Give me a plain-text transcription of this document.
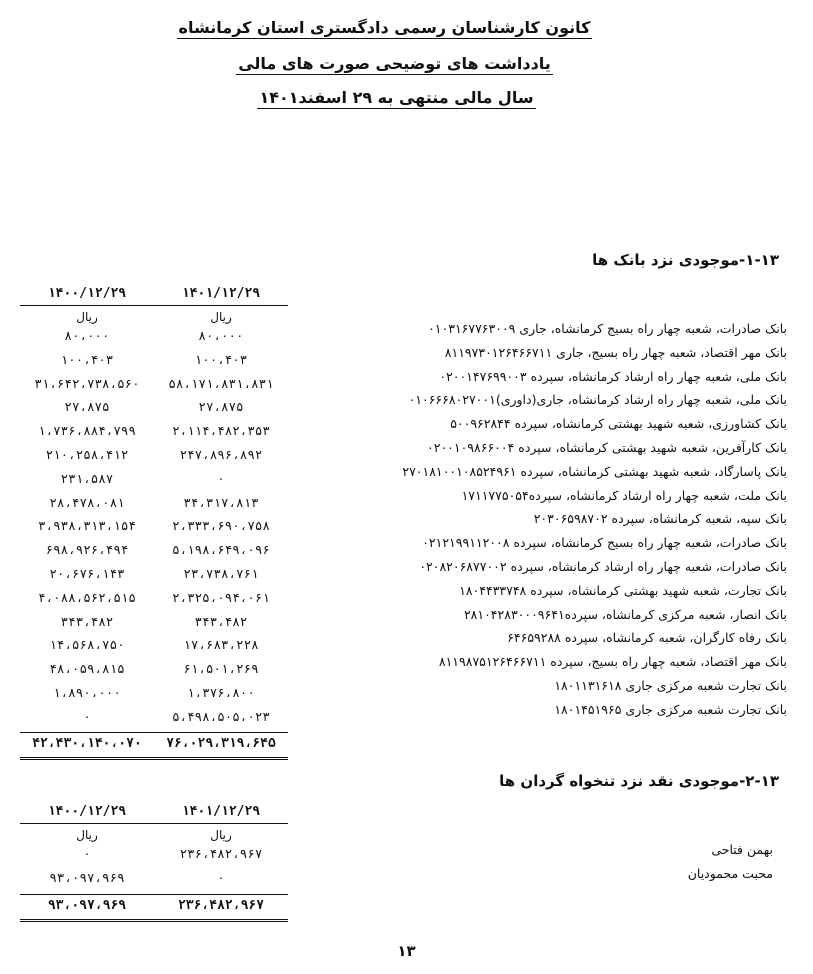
کانون کارشناسان رسمی دادگستری استان کرمانشاه
یادداشت های توضیحی صورت های مالی
سال مالی منتهی به ۲۹ اسفند۱۴۰۱
۱-۱۳-موجودی نزد بانک ها
بانک صادرات، شعبه چهار راه بسیج کرمانشاه، جاری ۰۱۰۳۱۶۷۷۶۳۰۰۹
بانک مهر اقتصاد، شعبه چهار راه بسیج، جاری ۸۱۱۹۷۳۰۱۲۶۴۶۶۷۱۱
بانک ملی، شعبه چهار راه ارشاد کرمانشاه، سپرده ۰۲۰۰۱۴۷۶۹۹۰۰۳
بانک ملی، شعبه چهار راه ارشاد کرمانشاه، جاری(داوری)۰۱۰۶۶۶۸۰۲۷۰۰۱
بانک کشاورزی، شعبه شهید بهشتی کرمانشاه، سپرده ۵۰۰۹۶۲۸۴۴
بانک کارآفرین، شعبه شهید بهشتی کرمانشاه، سپرده ۰۲۰۰۱۰۹۸۶۶۰۰۴
بانک پاسارگاد، شعبه شهید بهشتی کرمانشاه، سپرده ۲۷۰۱۸۱۰۰۱۰۸۵۲۴۹۶۱
بانک ملت، شعبه چهار راه ارشاد کرمانشاه، سپرده۱۷۱۱۷۷۵۰۵۴
بانک سپه، شعبه کرمانشاه، سپرده ۲۰۳۰۶۵۹۸۷۰۲
بانک صادرات، شعبه چهار راه بسیج کرمانشاه، سپرده ۰۲۱۲۱۹۹۱۱۲۰۰۸
بانک صادرات، شعبه چهار راه ارشاد کرمانشاه، سپرده ۰۲۰۸۲۰۶۸۷۷۰۰۲
بانک تجارت، شعبه شهید بهشتی کرمانشاه، سپرده ۱۸۰۴۴۳۳۷۴۸
بانک انصار، شعبه مرکزی کرمانشاه، سپرده۲۸۱۰۴۲۸۳۰۰۰۹۶۴۱
بانک رفاه کارگران، شعبه کرمانشاه، سپرده ۶۴۶۵۹۲۸۸
بانک مهر اقتصاد، شعبه چهار راه بسیج، سپرده ۸۱۱۹۸۷۵۱۲۶۴۶۶۷۱۱
بانک تجارت شعبه مرکزی جاری ۱۸۰۱۱۳۱۶۱۸
بانک تجارت شعبه مرکزی جاری ۱۸۰۱۴۵۱۹۶۵
۱۴۰۱/۱۲/۲۹
ریال
۸۰،۰۰۰
۱۰۰،۴۰۳
۵۸،۱۷۱،۸۳۱،۸۳۱
۲۷،۸۷۵
۲،۱۱۴،۴۸۲،۳۵۳
۲۴۷،۸۹۶،۸۹۲
۰
۳۴،۳۱۷،۸۱۳
۲،۳۳۳،۶۹۰،۷۵۸
۵،۱۹۸،۶۴۹،۰۹۶
۲۳،۷۳۸،۷۶۱
۲،۳۲۵،۰۹۴،۰۶۱
۳۴۳،۴۸۲
۱۷،۶۸۳،۲۲۸
۶۱،۵۰۱،۲۶۹
۱،۳۷۶،۸۰۰
۵،۴۹۸،۵۰۵،۰۲۳
۱۴۰۰/۱۲/۲۹
ریال
۸۰،۰۰۰
۱۰۰،۴۰۳
۳۱،۶۴۲،۷۳۸،۵۶۰
۲۷،۸۷۵
۱،۷۳۶،۸۸۴،۷۹۹
۲۱۰،۲۵۸،۴۱۲
۲۳۱،۵۸۷
۲۸،۴۷۸،۰۸۱
۳،۹۳۸،۳۱۳،۱۵۴
۶۹۸،۹۲۶،۴۹۴
۲۰،۶۷۶،۱۴۳
۴،۰۸۸،۵۶۲،۵۱۵
۳۴۳،۴۸۲
۱۴،۵۶۸،۷۵۰
۴۸،۰۵۹،۸۱۵
۱،۸۹۰،۰۰۰
۰
۷۶،۰۲۹،۳۱۹،۶۴۵
۴۲،۴۳۰،۱۴۰،۰۷۰
۲-۱۳-موجودی نقد نزد تنخواه گردان ها
بهمن فتاحی
محبت محمودیان
۱۴۰۱/۱۲/۲۹
ریال
۲۳۶،۴۸۲،۹۶۷
۰
۱۴۰۰/۱۲/۲۹
ریال
۰
۹۳،۰۹۷،۹۶۹
۲۳۶،۴۸۲،۹۶۷
۹۳،۰۹۷،۹۶۹
۱۳
